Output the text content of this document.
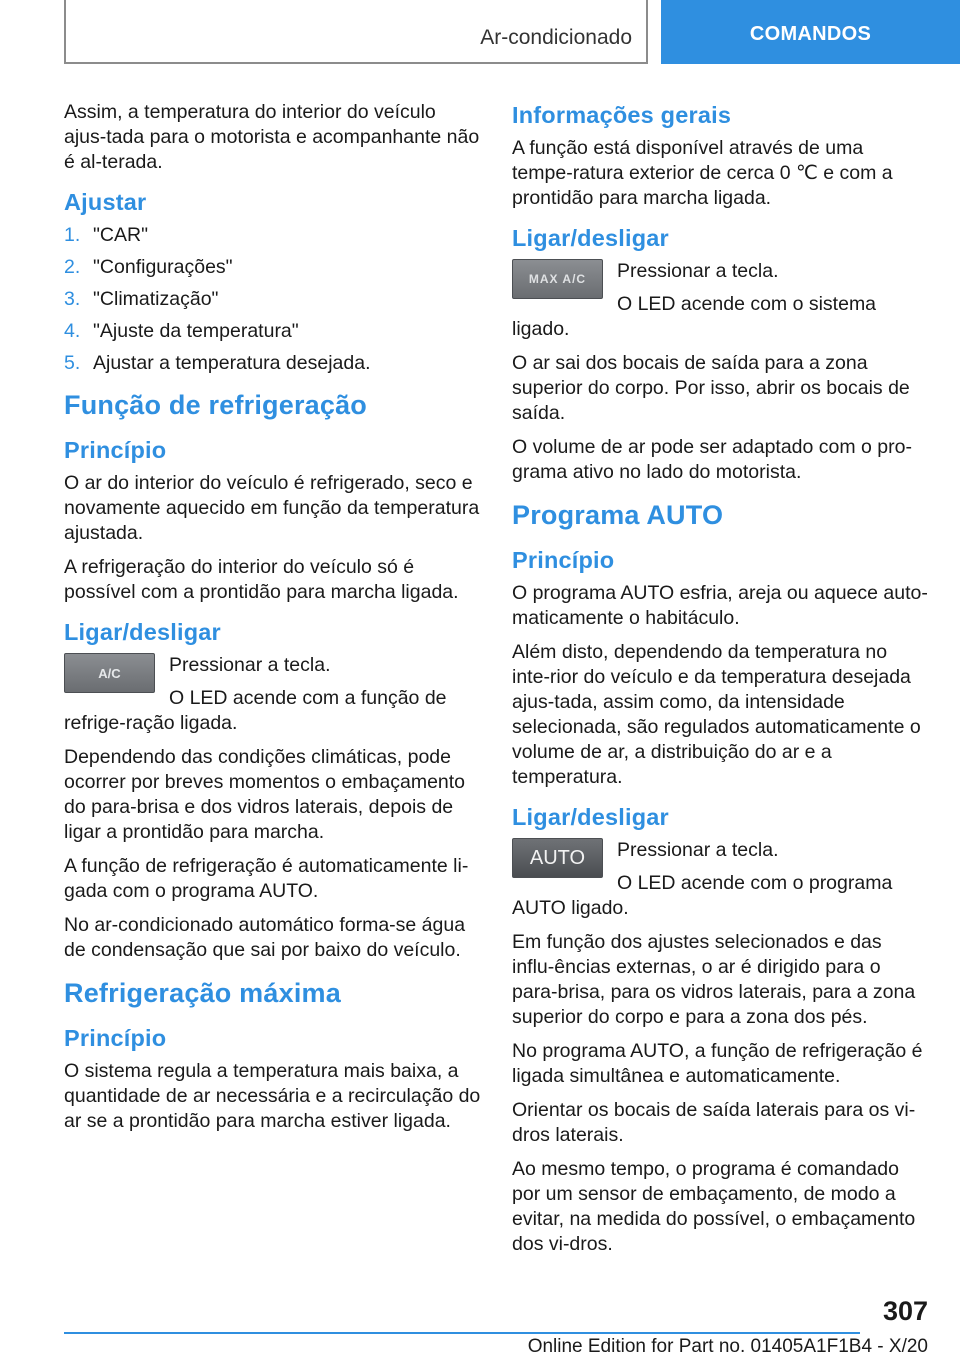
Ar-condicionado	COMANDOS

Assim, a temperatura do interior do veículo ajus-tada para o motorista e acompanhante não é al-terada.

Ajustar
1. "CAR"
2. "Configurações"
3. "Climatização"
4. "Ajuste da temperatura"
5. Ajustar a temperatura desejada.
Função de refrigeração
Princípio

O ar do interior do veículo é refrigerado, seco e novamente aquecido em função da temperatura ajustada.

A refrigeração do interior do veículo só é possível com a prontidão para marcha ligada.

Ligar/desligar
A/C	Pressionar a tecla.

O LED acende com a função de refrige-ração ligada.

Dependendo das condições climáticas, pode ocorrer por breves momentos o embaçamento do para-brisa e dos vidros laterais, depois de ligar a prontidão para marcha.

A função de refrigeração é automaticamente li-gada com o programa AUTO.

No ar-condicionado automático forma-se água de condensação que sai por baixo do veículo.

Refrigeração máxima
Princípio

O sistema regula a temperatura mais baixa, a quantidade de ar necessária e a recirculação do ar se a prontidão para marcha estiver ligada.

Informações gerais

A função está disponível através de uma tempe-ratura exterior de cerca 0 ℃ e com a prontidão para marcha ligada.

Ligar/desligar
MAX A/C	Pressionar a tecla.

O LED acende com o sistema ligado.

O ar sai dos bocais de saída para a zona superior do corpo. Por isso, abrir os bocais de saída.

O volume de ar pode ser adaptado com o pro-grama ativo no lado do motorista.

Programa AUTO
Princípio

O programa AUTO esfria, areja ou aquece auto-maticamente o habitáculo.

Além disto, dependendo da temperatura no inte-rior do veículo e da temperatura desejada ajus-tada, assim como, da intensidade selecionada, são regulados automaticamente o volume de ar, a distribuição do ar e a temperatura.

Ligar/desligar
AUTO	Pressionar a tecla.

O LED acende com o programa AUTO ligado.

Em função dos ajustes selecionados e das influ-ências externas, o ar é dirigido para o para-brisa, para os vidros laterais, para a zona superior do corpo e para a zona dos pés.

No programa AUTO, a função de refrigeração é ligada simultânea e automaticamente.

Orientar os bocais de saída laterais para os vi-dros laterais.

Ao mesmo tempo, o programa é comandado por um sensor de embaçamento, de modo a evitar, na medida do possível, o embaçamento dos vi-dros.

307
Online Edition for Part no. 01405A1F1B4 - X/20
